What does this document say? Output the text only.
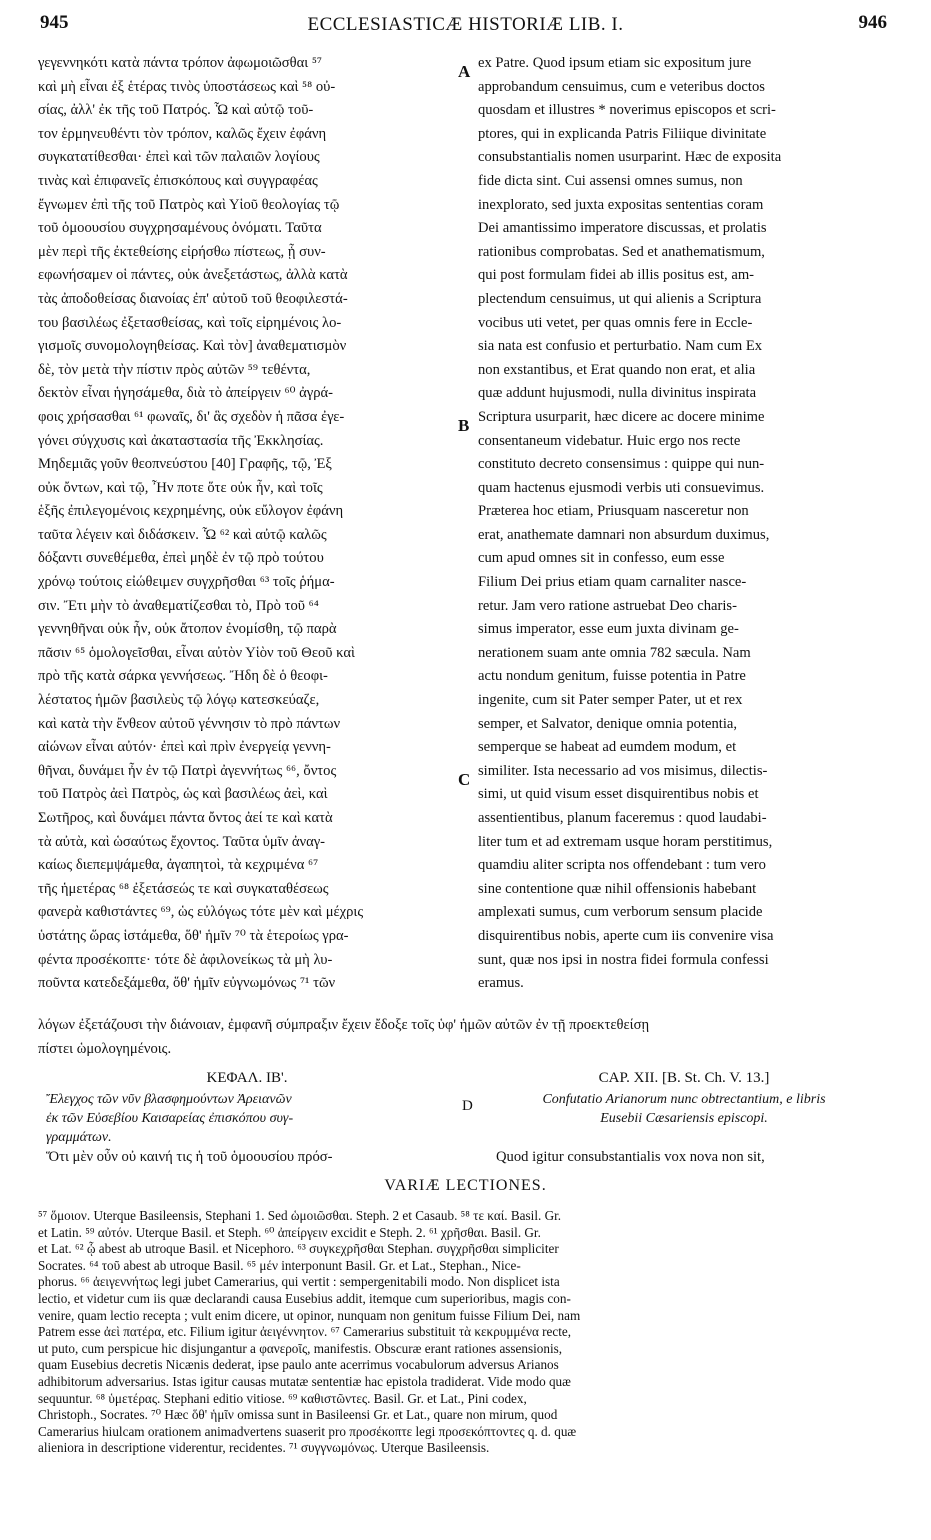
945	ECCLESIASTICÆ HISTORIÆ LIB. I.	946
γεγεννηκότι κατὰ πάντα τρόπον ἀφωμοιῶσθαι ⁵⁷
καὶ μὴ εἶναι ἐξ ἑτέρας τινὸς ὑποστάσεως καὶ ⁵⁸ οὐ-
σίας, ἀλλ' ἐκ τῆς τοῦ Πατρός. Ὧ καὶ αὐτῷ τοῦ-
τον ἑρμηνευθέντι τὸν τρόπον, καλῶς ἔχειν ἐφάνη
συγκατατίθεσθαι· ἐπεὶ καὶ τῶν παλαιῶν λογίους
τινὰς καὶ ἐπιφανεῖς ἐπισκόπους καὶ συγγραφέας
ἔγνωμεν ἐπὶ τῆς τοῦ Πατρὸς καὶ Υἱοῦ θεολογίας τῷ
τοῦ ὁμοουσίου συγχρησαμένους ὀνόματι. Ταῦτα
μὲν περὶ τῆς ἐκτεθείσης εἰρήσθω πίστεως, ᾗ συν-
εφωνήσαμεν οἱ πάντες, οὐκ ἀνεξετάστως, ἀλλὰ κατὰ
τὰς ἀποδοθείσας διανοίας ἐπ' αὐτοῦ τοῦ θεοφιλεστά-
του βασιλέως ἐξετασθείσας, καὶ τοῖς εἰρημένοις λο-
γισμοῖς συνομολογηθείσας. Καὶ τὸν] ἀναθεματισμὸν
δὲ, τὸν μετὰ τὴν πίστιν πρὸς αὐτῶν ⁵⁹ τεθέντα,
δεκτὸν εἶναι ἡγησάμεθα, διὰ τὸ ἀπείργειν ⁶⁰ ἀγρά-
φοις χρήσασθαι ⁶¹ φωναῖς, δι' ἃς σχεδὸν ἡ πᾶσα ἐγε-
γόνει σύγχυσις καὶ ἀκαταστασία τῆς Ἐκκλησίας.
Μηδεμιᾶς γοῦν θεοπνεύστου [40] Γραφῆς, τῷ, Ἐξ
οὐκ ὄντων, καὶ τῷ, Ἦν ποτε ὅτε οὐκ ἦν, καὶ τοῖς
ἑξῆς ἐπιλεγομένοις κεχρημένης, οὐκ εὔλογον ἐφάνη
ταῦτα λέγειν καὶ διδάσκειν. Ὧ ⁶² καὶ αὐτῷ καλῶς
δόξαντι συνεθέμεθα, ἐπεὶ μηδὲ ἐν τῷ πρὸ τούτου
χρόνῳ τούτοις εἰώθειμεν συγχρῆσθαι ⁶³ τοῖς ῥήμα-
σιν. Ἔτι μὴν τὸ ἀναθεματίζεσθαι τὸ, Πρὸ τοῦ ⁶⁴
γεννηθῆναι οὐκ ἦν, οὐκ ἄτοπον ἐνομίσθη, τῷ παρὰ
πᾶσιν ⁶⁵ ὁμολογεῖσθαι, εἶναι αὐτὸν Υἱὸν τοῦ Θεοῦ καὶ
πρὸ τῆς κατὰ σάρκα γεννήσεως. Ἤδη δὲ ὁ θεοφι-
λέστατος ἡμῶν βασιλεὺς τῷ λόγῳ κατεσκεύαζε,
καὶ κατὰ τὴν ἔνθεον αὐτοῦ γέννησιν τὸ πρὸ πάντων
αἰώνων εἶναι αὐτόν· ἐπεὶ καὶ πρὶν ἐνεργείᾳ γεννη-
θῆναι, δυνάμει ἦν ἐν τῷ Πατρὶ ἀγεννήτως ⁶⁶, ὄντος
τοῦ Πατρὸς ἀεὶ Πατρὸς, ὡς καὶ βασιλέως ἀεὶ, καὶ
Σωτῆρος, καὶ δυνάμει πάντα ὄντος ἀεί τε καὶ κατὰ
τὰ αὐτὰ, καὶ ὡσαύτως ἔχοντος. Ταῦτα ὑμῖν ἀναγ-
καίως διεπεμψάμεθα, ἀγαπητοὶ, τὰ κεχριμένα ⁶⁷
τῆς ἡμετέρας ⁶⁸ ἐξετάσεώς τε καὶ συγκαταθέσεως
φανερὰ καθιστάντες ⁶⁹, ὡς εὐλόγως τότε μὲν καὶ μέχρις
ὑστάτης ὥρας ἱστάμεθα, ὅθ' ἡμῖν ⁷⁰ τὰ ἑτεροίως γρα-
φέντα προσέκοπτε· τότε δὲ ἀφιλονείκως τὰ μὴ λυ-
ποῦντα κατεδεξάμεθα, ὅθ' ἡμῖν εὐγνωμόνως ⁷¹ τῶν
ex Patre. Quod ipsum etiam sic expositum jure
approbandum censuimus, cum e veteribus doctos
quosdam et illustres * noverimus episcopos et scri-
ptores, qui in explicanda Patris Filiique divinitate
consubstantialis nomen usurparint. Hæc de exposita
fide dicta sint. Cui assensi omnes sumus, non
inexplorato, sed juxta expositas sententias coram
Dei amantissimo imperatore discussas, et prolatis
rationibus comprobatas. Sed et anathematismum,
qui post formulam fidei ab illis positus est, am-
plectendum censuimus, ut qui alienis a Scriptura
vocibus uti vetet, per quas omnis fere in Eccle-
sia nata est confusio et perturbatio. Nam cum Ex
non exstantibus, et Erat quando non erat, et alia
quæ addunt hujusmodi, nulla divinitus inspirata
Scriptura usurparit, hæc dicere ac docere minime
consentaneum videbatur. Huic ergo nos recte
constituto decreto consensimus : quippe qui nun-
quam hactenus ejusmodi verbis uti consuevimus.
Præterea hoc etiam, Priusquam nasceretur non
erat, anathemate damnari non absurdum duximus,
cum apud omnes sit in confesso, eum esse
Filium Dei prius etiam quam carnaliter nasce-
retur. Jam vero ratione astruebat Deo charis-
simus imperator, esse eum juxta divinam ge-
nerationem suam ante omnia 782 sæcula. Nam
actu nondum genitum, fuisse potentia in Patre
ingenite, cum sit Pater semper Pater, ut et rex
semper, et Salvator, denique omnia potentia,
semperque se habeat ad eumdem modum, et
similiter. Ista necessario ad vos misimus, dilectis-
simi, ut quid visum esset disquirentibus nobis et
assentientibus, planum faceremus : quod laudabi-
liter tum et ad extremam usque horam perstitimus,
quamdiu aliter scripta nos offendebant : tum vero
sine contentione quæ nihil offensionis habebant
amplexati sumus, cum verborum sensum placide
disquirentibus nobis, aperte cum iis convenire visa
sunt, quæ nos ipsi in nostra fidei formula confessi
eramus.
A
B
C
D
λόγων ἐξετάζουσι τὴν διάνοιαν, ἐμφανῆ σύμπραξιν ἔχειν ἔδοξε τοῖς ὑφ' ἡμῶν αὐτῶν ἐν τῇ προεκτεθείσῃ
πίστει ὡμολογημένοις.
ΚΕΦΑΛ. ΙΒ'.
Ἔλεγχος τῶν νῦν βλασφημούντων Ἀρειανῶν
ἐκ τῶν Εὐσεβίου Καισαρείας ἐπισκόπου συγ-
γραμμάτων.
Ὅτι μὲν οὖν οὐ καινή τις ἡ τοῦ ὁμοουσίου πρόσ-
CAP. XII. [B. St. Ch. V. 13.]
Confutatio Arianorum nunc obtrectantium, e libris
Eusebii Cæsariensis episcopi.
Quod igitur consubstantialis vox nova non sit,
VARIÆ LECTIONES.
⁵⁷ ὅμοιον. Uterque Basileensis, Stephani 1. Sed ὡμοιῶσθαι. Steph. 2 et Casaub. ⁵⁸ τε καί. Basil. Gr.
et Latin. ⁵⁹ αὐτόν. Uterque Basil. et Steph. ⁶⁰ ἀπείργειν excidit e Steph. 2. ⁶¹ χρῆσθαι. Basil. Gr.
et Lat. ⁶² ᾧ abest ab utroque Basil. et Nicephoro. ⁶³ συγκεχρῆσθαι Stephan. συγχρῆσθαι simpliciter
Socrates. ⁶⁴ τοῦ abest ab utroque Basil. ⁶⁵ μέν interponunt Basil. Gr. et Lat., Stephan., Nice-
phorus. ⁶⁶ ἀειγεννήτως legi jubet Camerarius, qui vertit : sempergenitabili modo. Non displicet ista
lectio, et videtur cum iis quæ declarandi causa Eusebius addit, itemque cum superioribus, magis con-
venire, quam lectio recepta ; vult enim dicere, ut opinor, nunquam non genitum fuisse Filium Dei, nam
Patrem esse ἀεὶ πατέρα, etc. Filium igitur ἀειγέννητον. ⁶⁷ Camerarius substituit τὰ κεκρυμμένα recte,
ut puto, cum perspicue hic disjungantur a φανεροῖς, manifestis. Obscuræ erant rationes assensionis,
quam Eusebius decretis Nicænis dederat, ipse paulo ante acerrimus vocabulorum adversus Arianos
adhibitorum adversarius. Istas igitur causas mutatæ sententiæ hac epistola tradiderat. Vide modo quæ
sequuntur. ⁶⁸ ὑμετέρας. Stephani editio vitiose. ⁶⁹ καθιστῶντες. Basil. Gr. et Lat., Pini codex,
Christoph., Socrates. ⁷⁰ Hæc ὅθ' ἡμῖν omissa sunt in Basileensi Gr. et Lat., quare non mirum, quod
Camerarius hiulcam orationem animadvertens suaserit pro προσέκοπτε legi προσεκόπτοντες q. d. quæ
alieniora in descriptione viderentur, recidentes. ⁷¹ συγγνωμόνως. Uterque Basileensis.
